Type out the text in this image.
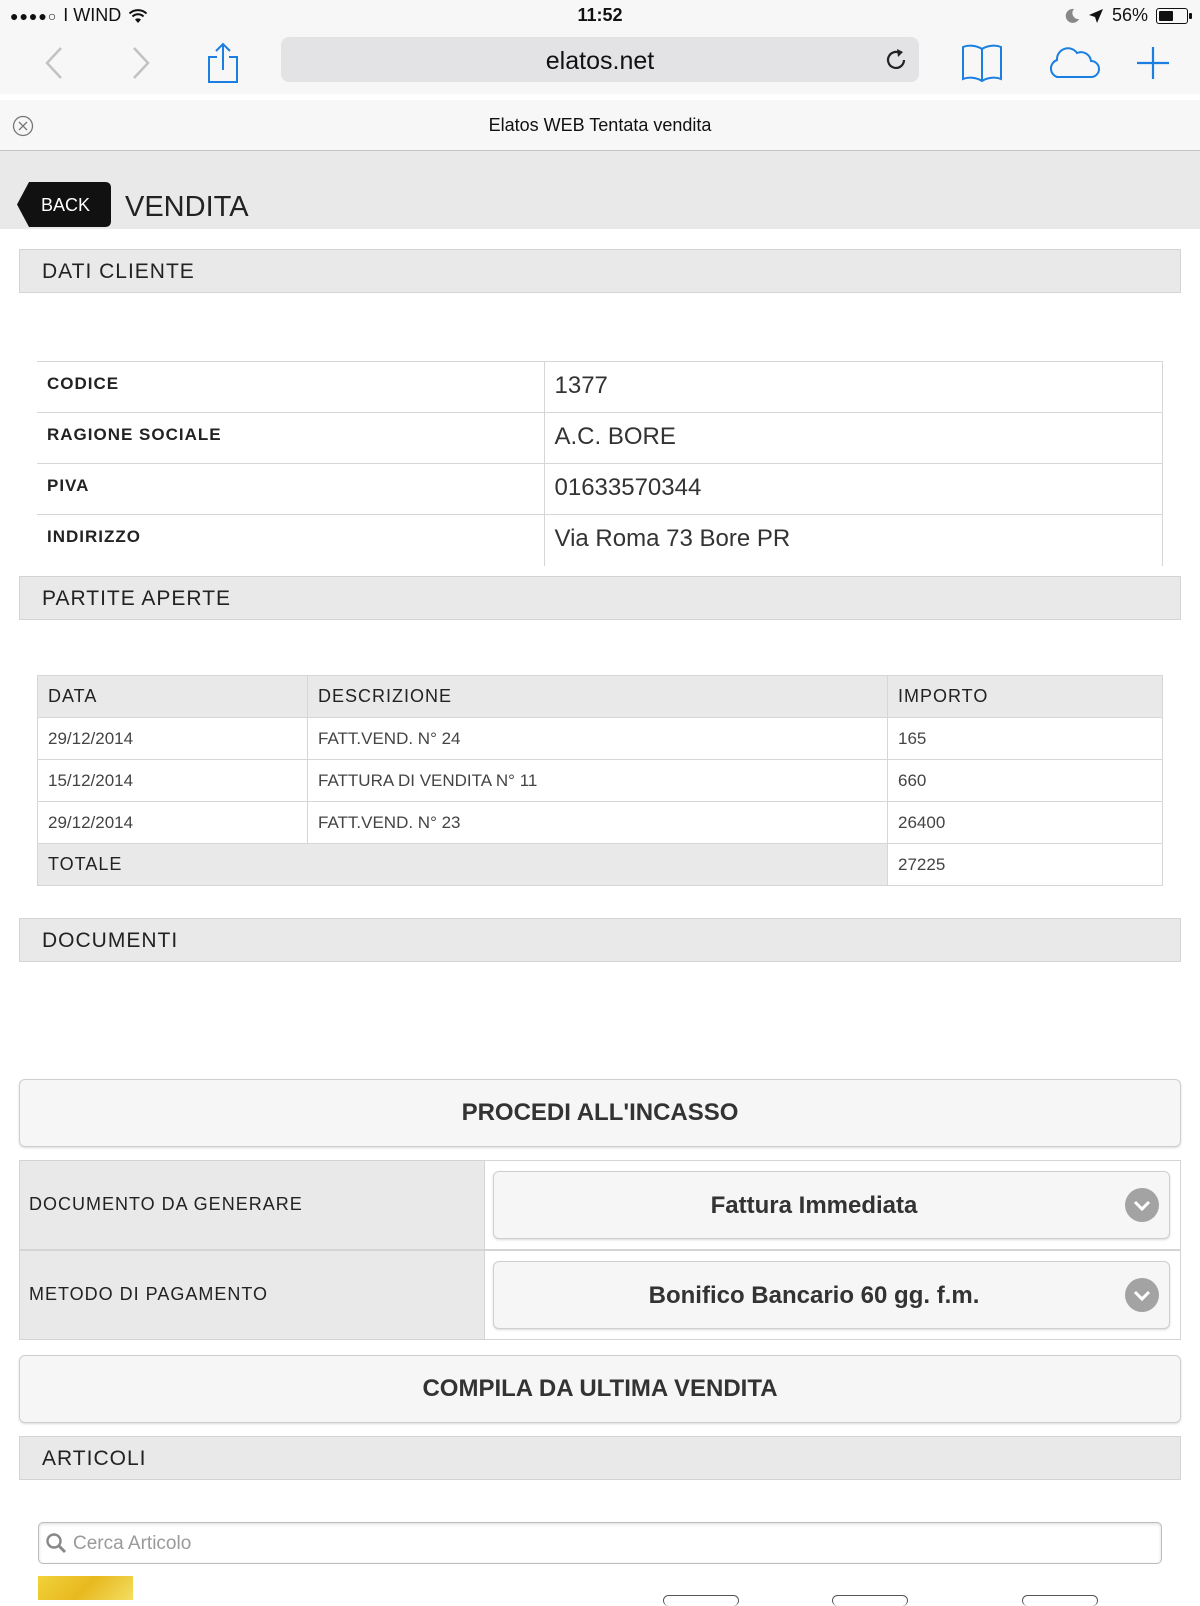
●●●●○ I WIND	11:52	56%
elatos.net
Elatos WEB Tentata vendita
BACK VENDITA
DATI CLIENTE
CODICE	1377
RAGIONE SOCIALE	A.C. BORE
PIVA	01633570344
INDIRIZZO	Via Roma 73 Bore PR
PARTITE APERTE
DATA	DESCRIZIONE	IMPORTO
29/12/2014	FATT.VEND. N° 24	165
15/12/2014	FATTURA DI VENDITA N° 11	660
29/12/2014	FATT.VEND. N° 23	26400
TOTALE		27225
DOCUMENTI
PROCEDI ALL'INCASSO
DOCUMENTO DA GENERARE	Fattura Immediata
METODO DI PAGAMENTO	Bonifico Bancario 60 gg. f.m.
COMPILA DA ULTIMA VENDITA
ARTICOLI
Cerca Articolo
